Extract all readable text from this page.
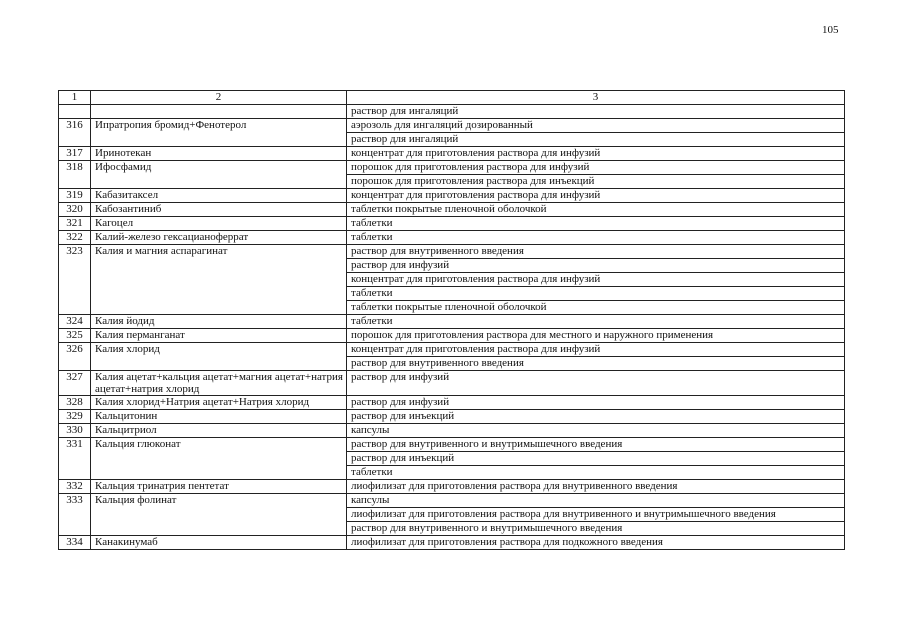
105
1	2	3
		раствор для ингаляций
316	Ипратропия бромид+Фенотерол	аэрозоль для ингаляций дозированный
		раствор для ингаляций
317	Иринотекан	концентрат для приготовления раствора для инфузий
318	Ифосфамид	порошок для приготовления раствора для инфузий
		порошок для приготовления раствора для инъекций
319	Кабазитаксел	концентрат для приготовления раствора для инфузий
320	Кабозантиниб	таблетки покрытые пленочной оболочкой
321	Кагоцел	таблетки
322	Калий-железо гексацианоферрат	таблетки
323	Калия и магния аспарагинат	раствор для внутривенного введения
		раствор для инфузий
		концентрат для приготовления раствора для инфузий
		таблетки
		таблетки покрытые пленочной оболочкой
324	Калия йодид	таблетки
325	Калия перманганат	порошок для приготовления раствора для местного и наружного применения
326	Калия хлорид	концентрат для приготовления раствора для инфузий
		раствор для внутривенного введения
327	Калия ацетат+кальция ацетат+магния ацетат+натрия ацетат+натрия хлорид	раствор для инфузий
328	Калия хлорид+Натрия ацетат+Натрия хлорид	раствор для инфузий
329	Кальцитонин	раствор для инъекций
330	Кальцитриол	капсулы
331	Кальция глюконат	раствор для внутривенного и внутримышечного введения
		раствор для инъекций
		таблетки
332	Кальция тринатрия пентетат	лиофилизат для приготовления раствора для внутривенного введения
333	Кальция фолинат	капсулы
		лиофилизат для приготовления раствора для внутривенного и внутримышечного введения
		раствор для внутривенного и внутримышечного введения
334	Канакинумаб	лиофилизат для приготовления раствора для подкожного введения
